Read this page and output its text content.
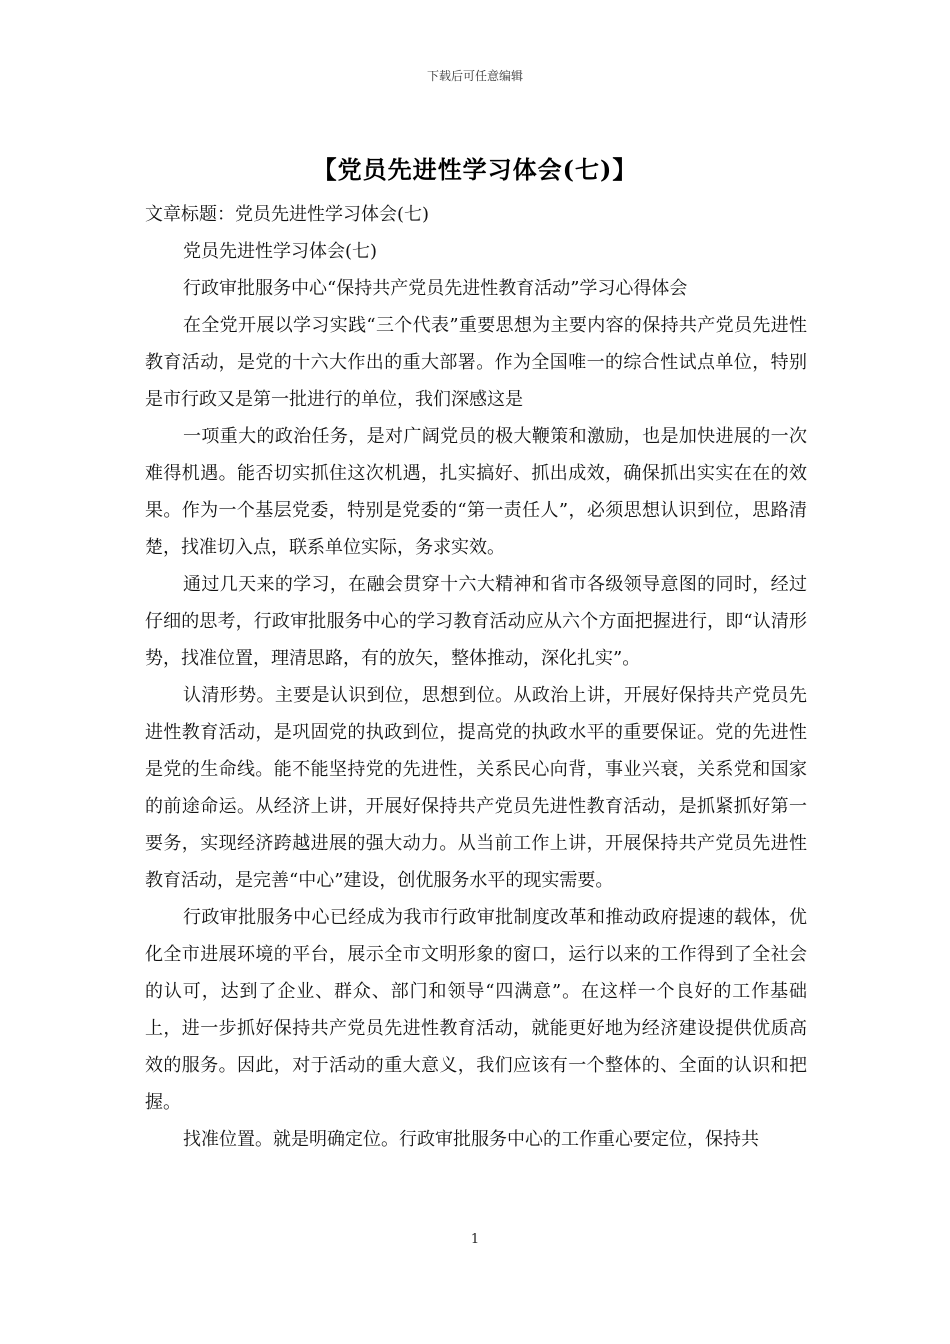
下载后可任意编辑
【党员先进性学习体会(七)】

文章标题：党员先进性学习体会(七)

党员先进性学习体会(七)

行政审批服务中心“保持共产党员先进性教育活动”学习心得体会

在全党开展以学习实践“三个代表”重要思想为主要内容的保持共产党员先进性教育活动，是党的十六大作出的重大部署。作为全国唯一的综合性试点单位，特别是市行政又是第一批进行的单位，我们深感这是

一项重大的政治任务，是对广阔党员的极大鞭策和激励，也是加快进展的一次难得机遇。能否切实抓住这次机遇，扎实搞好、抓出成效，确保抓出实实在在的效果。作为一个基层党委，特别是党委的“第一责任人”，必须思想认识到位，思路清楚，找准切入点，联系单位实际，务求实效。

通过几天来的学习，在融会贯穿十六大精神和省市各级领导意图的同时，经过仔细的思考，行政审批服务中心的学习教育活动应从六个方面把握进行，即“认清形势，找准位置，理清思路，有的放矢，整体推动，深化扎实”。

认清形势。主要是认识到位，思想到位。从政治上讲，开展好保持共产党员先进性教育活动，是巩固党的执政到位，提高党的执政水平的重要保证。党的先进性是党的生命线。能不能坚持党的先进性，关系民心向背，事业兴衰，关系党和国家的前途命运。从经济上讲，开展好保持共产党员先进性教育活动，是抓紧抓好第一要务，实现经济跨越进展的强大动力。从当前工作上讲，开展保持共产党员先进性教育活动，是完善“中心”建设，创优服务水平的现实需要。

行政审批服务中心已经成为我市行政审批制度改革和推动政府提速的载体，优化全市进展环境的平台，展示全市文明形象的窗口，运行以来的工作得到了全社会的认可，达到了企业、群众、部门和领导“四满意”。在这样一个良好的工作基础上，进一步抓好保持共产党员先进性教育活动，就能更好地为经济建设提供优质高效的服务。因此，对于活动的重大意义，我们应该有一个整体的、全面的认识和把握。

找准位置。就是明确定位。行政审批服务中心的工作重心要定位，保持共

1
